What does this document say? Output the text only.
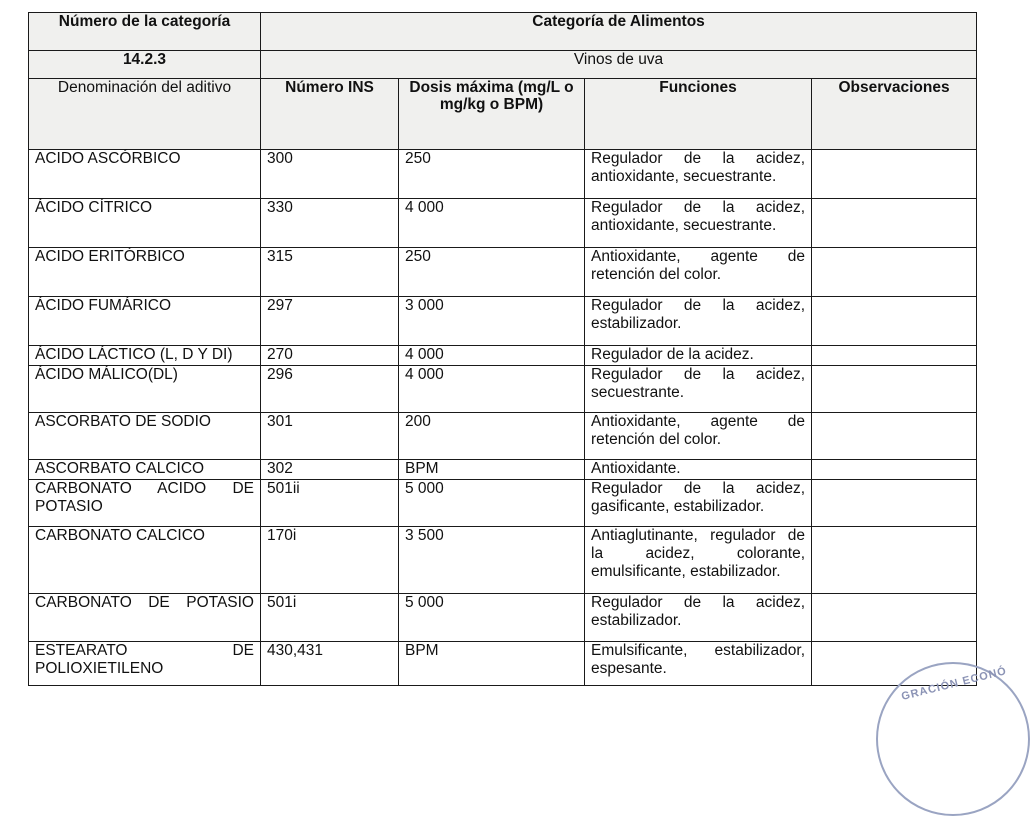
Número de la categoría	Categoría de Alimentos			
14.2.3	Vinos de uva			
Denominación del aditivo	Número INS	Dosis máxima (mg/L o mg/kg o BPM)	Funciones	Observaciones
ACIDO ASCÓRBICO	300	250	Regulador de la acidez, antioxidante, secuestrante.	
ÁCIDO CÍTRICO	330	4 000	Regulador de la acidez, antioxidante, secuestrante.	
ACIDO ERITÓRBICO	315	250	Antioxidante, agente de retención del color.	
ÁCIDO FUMÁRICO	297	3 000	Regulador de la acidez, estabilizador.	
ÁCIDO LÁCTICO (L, D Y DI)	270	4 000	Regulador de la acidez.	
ÁCIDO MÁLICO(DL)	296	4 000	Regulador de la acidez, secuestrante.	
ASCORBATO DE SODIO	301	200	Antioxidante, agente de retención del color.	
ASCORBATO CALCICO	302	BPM	Antioxidante.	
CARBONATO ACIDO DE POTASIO	501ii	5 000	Regulador de la acidez, gasificante, estabilizador.	
CARBONATO CALCICO	170i	3 500	Antiaglutinante, regulador de la acidez, colorante, emulsificante, estabilizador.	
CARBONATO DE POTASIO	501i	5 000	Regulador de la acidez, estabilizador.	
ESTEARATO DE POLIOXIETILENO	430,431	BPM	Emulsificante, estabilizador, espesante.		GRACIÓN ECONÓ
